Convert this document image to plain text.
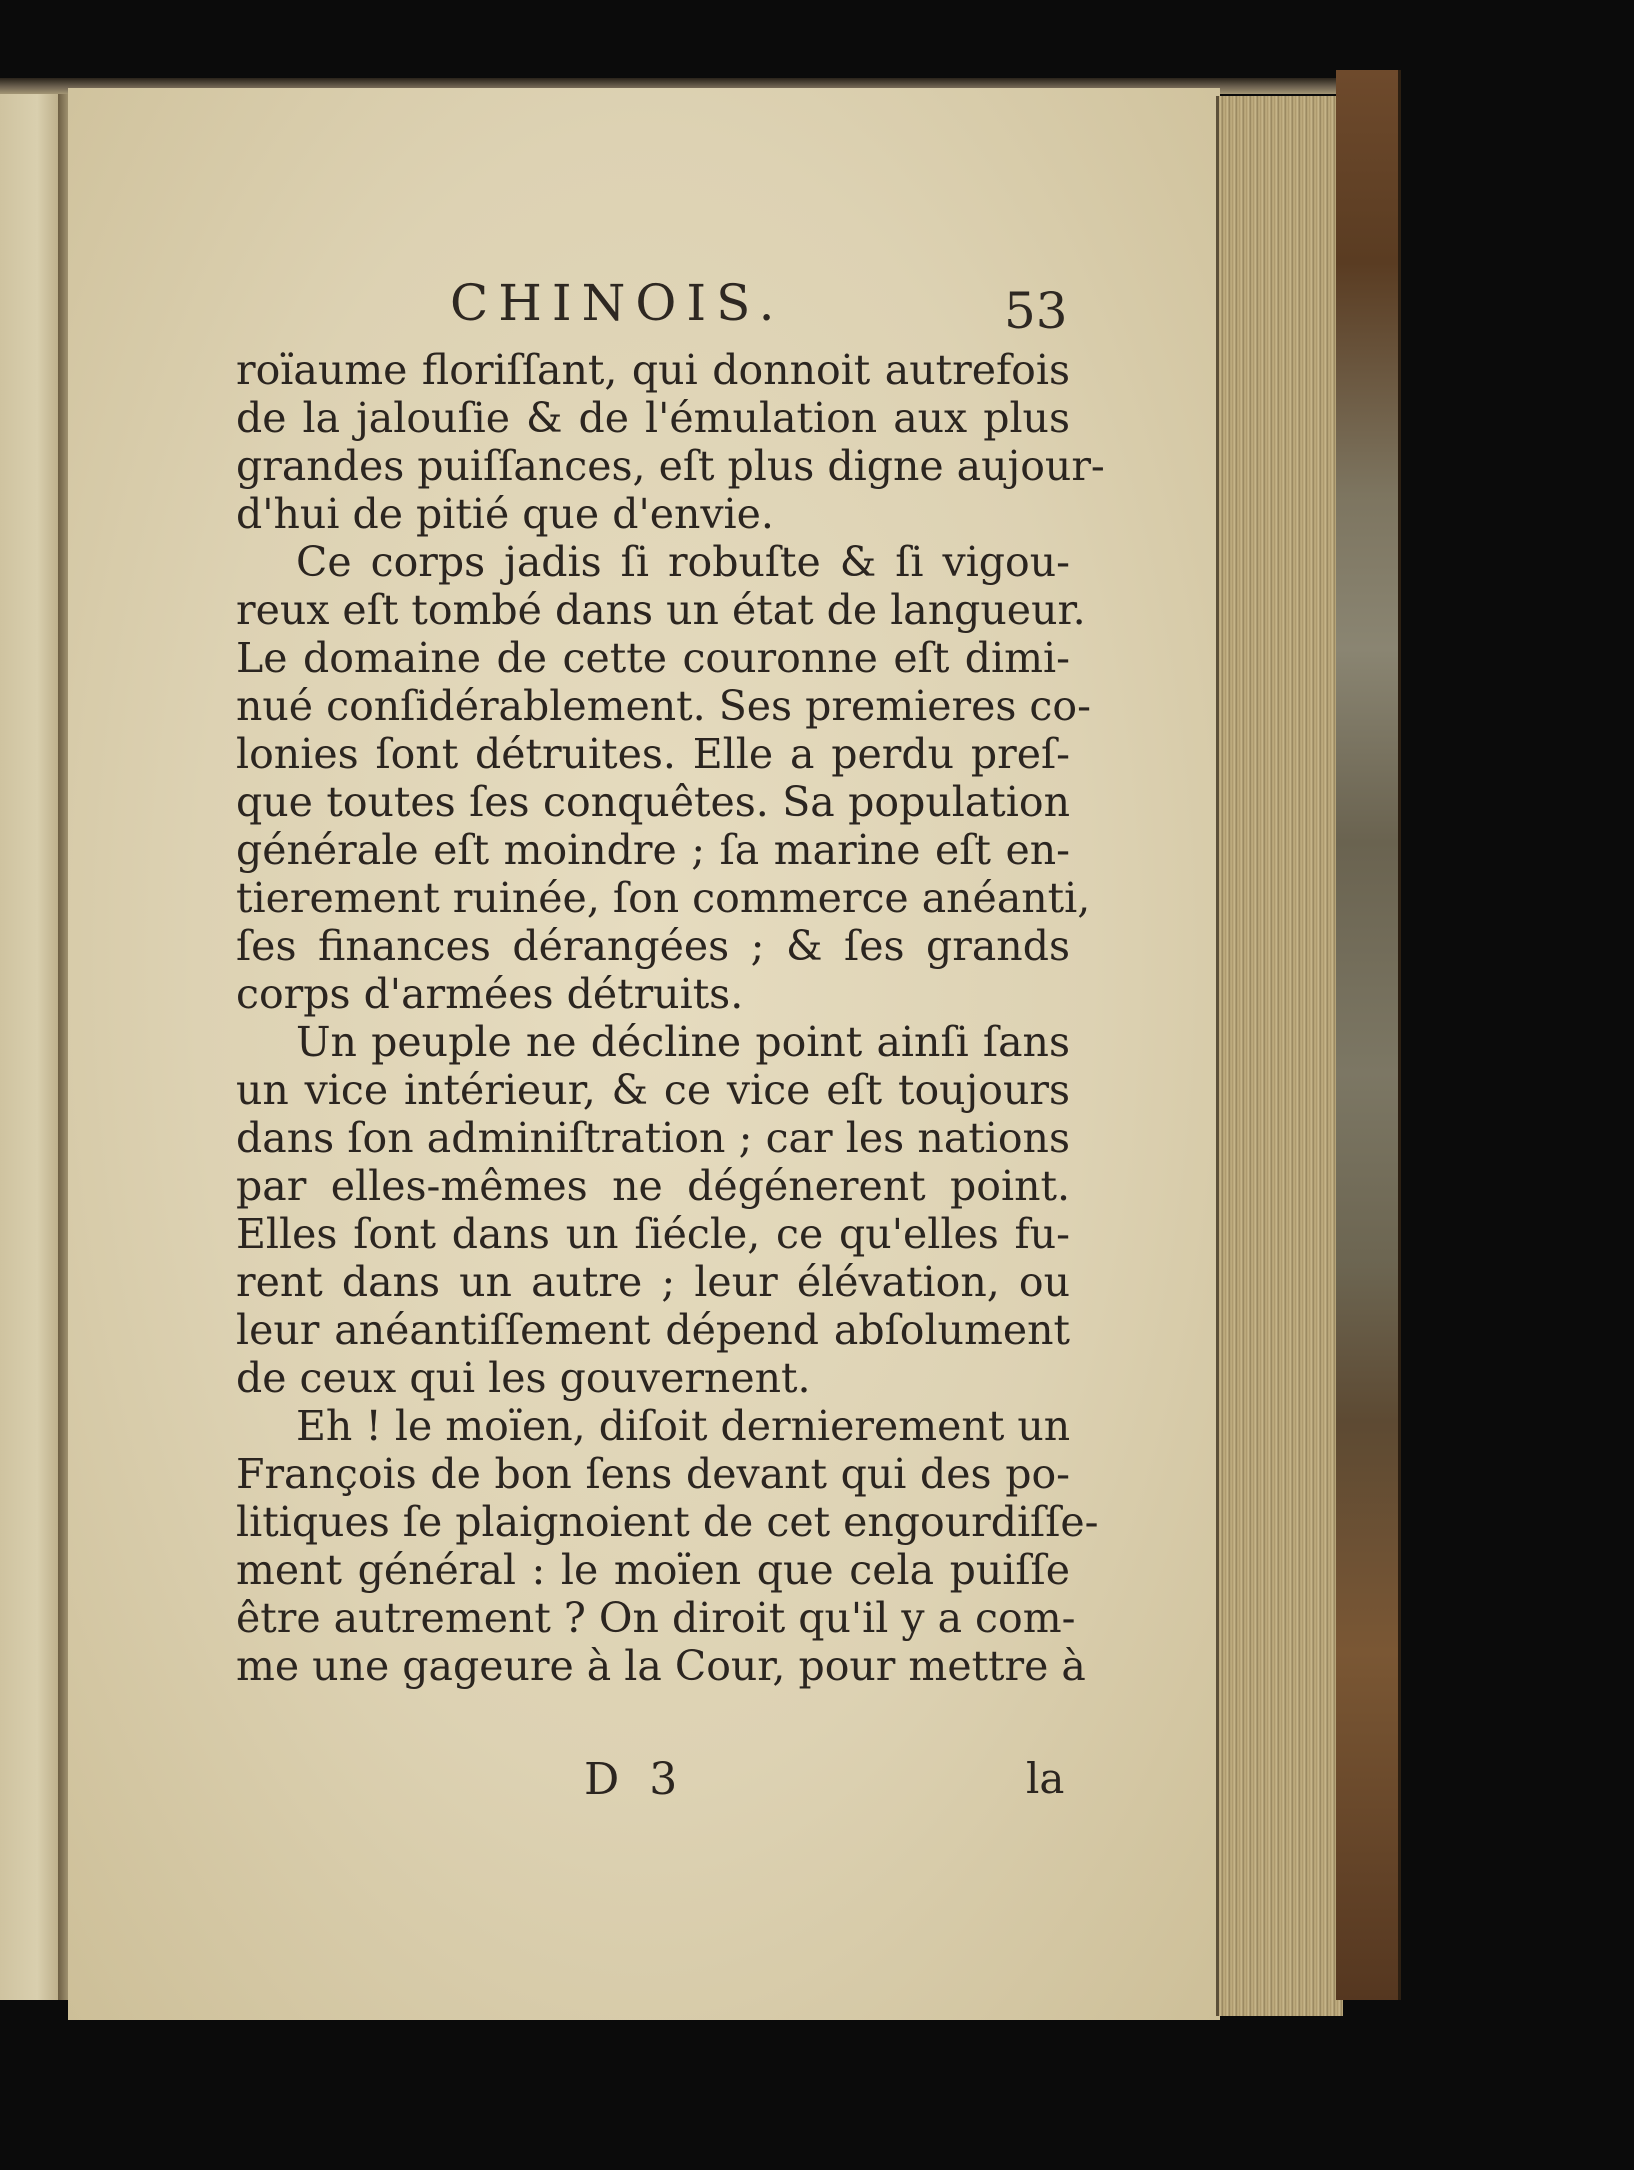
CHINOIS.	53
roïaume floriſſant, qui donnoit autrefois
de la jalouſie & de l'émulation aux plus
grandes puiſſances, eſt plus digne aujour-
d'hui de pitié que d'envie.
Ce corps jadis ſi robuſte & ſi vigou-
reux eſt tombé dans un état de langueur.
Le domaine de cette couronne eſt dimi-
nué conſidérablement. Ses premieres co-
lonies ſont détruites. Elle a perdu preſ-
que toutes ſes conquêtes. Sa population
générale eſt moindre ; ſa marine eſt en-
tierement ruinée, ſon commerce anéanti,
ſes finances dérangées ; & ſes grands
corps d'armées détruits.
Un peuple ne décline point ainſi ſans
un vice intérieur, & ce vice eſt toujours
dans ſon adminiſtration ; car les nations
par elles-mêmes ne dégénerent point.
Elles ſont dans un ſiécle, ce qu'elles fu-
rent dans un autre ; leur élévation, ou
leur anéantiſſement dépend abſolument
de ceux qui les gouvernent.
Eh ! le moïen, diſoit dernierement un
François de bon ſens devant qui des po-
litiques ſe plaignoient de cet engourdiſſe-
ment général : le moïen que cela puiſſe
être autrement ? On diroit qu'il y a com-
me une gageure à la Cour, pour mettre à
D 3	la
